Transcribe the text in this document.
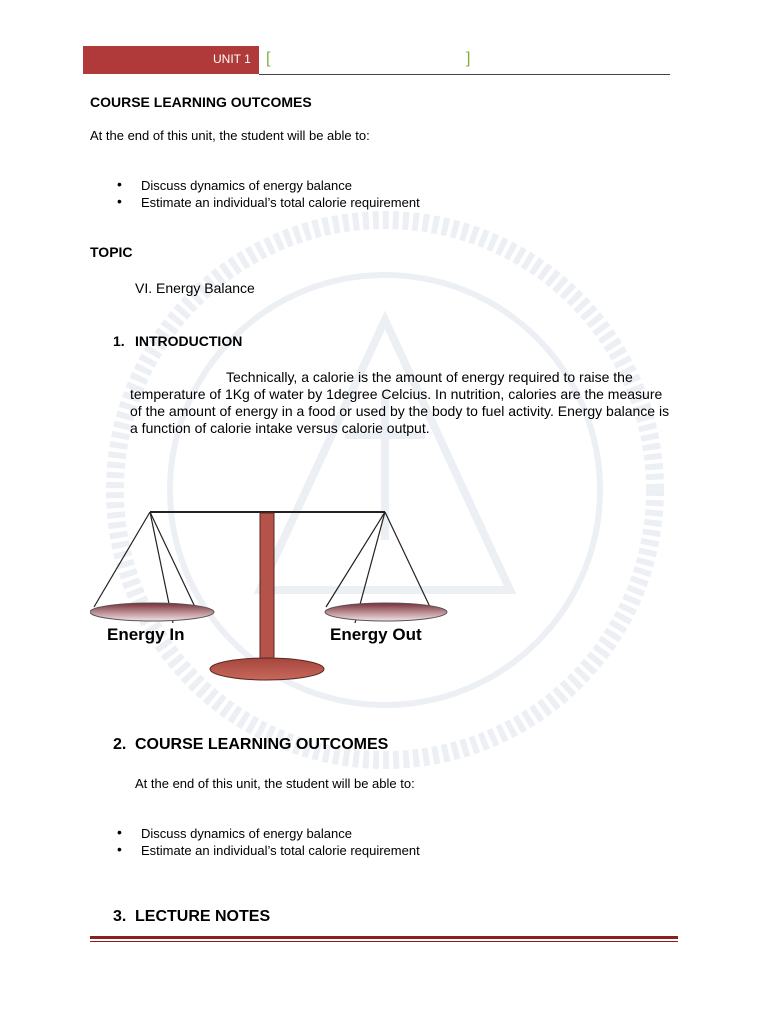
UNIT 1 [	]
COURSE LEARNING OUTCOMES
At the end of this unit, the student will be able to:
• Discuss dynamics of energy balance
• Estimate an individual’s total calorie requirement
TOPIC
VI. Energy Balance
1. INTRODUCTION
Technically, a calorie is the amount of energy required to raise the temperature of 1Kg of water by 1degree Celcius. In nutrition, calories are the measure of the amount of energy in a food or used by the body to fuel activity. Energy balance is a function of calorie intake versus calorie output.
Energy In	Energy Out
2. COURSE LEARNING OUTCOMES
At the end of this unit, the student will be able to:
• Discuss dynamics of energy balance
• Estimate an individual’s total calorie requirement
3. LECTURE NOTES
